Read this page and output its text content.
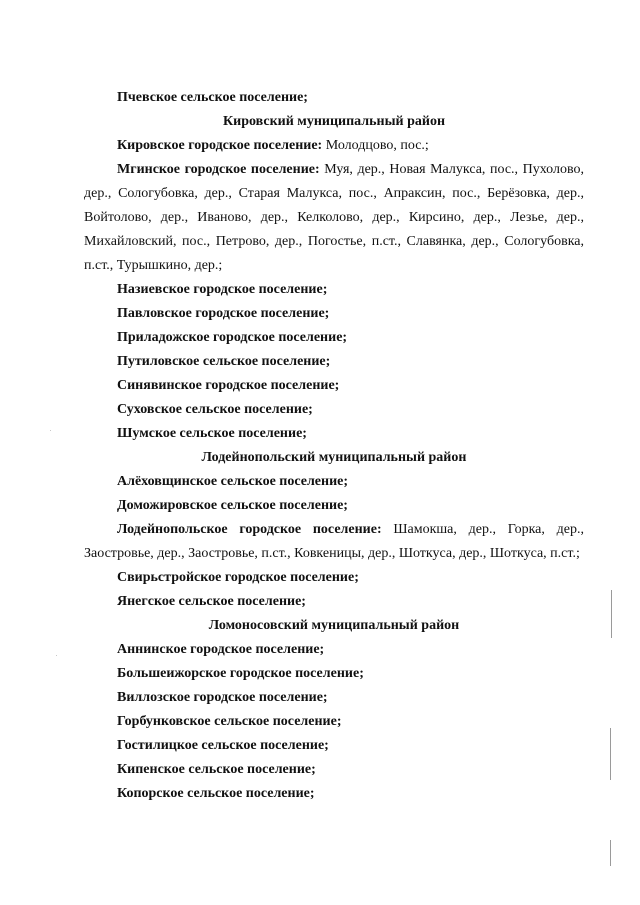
Пчевское сельское поселение;

Кировский муниципальный район

Кировское городское поселение: Молодцово, пос.;

Мгинское городское поселение: Муя, дер., Новая Малукса, пос., Пухолово, дер., Сологубовка, дер., Старая Малукса, пос., Апраксин, пос., Берёзовка, дер., Войтолово, дер., Иваново, дер., Келколово, дер., Кирсино, дер., Лезье, дер., Михайловский, пос., Петрово, дер., Погостье, п.ст., Славянка, дер., Сологубовка, п.ст., Турышкино, дер.;

Назиевское городское поселение;

Павловское городское поселение;

Приладожское городское поселение;

Путиловское сельское поселение;

Синявинское городское поселение;

Суховское сельское поселение;

Шумское сельское поселение;

Лодейнопольский муниципальный район

Алёховщинское сельское поселение;

Доможировское сельское поселение;

Лодейнопольское городское поселение: Шамокша, дер., Горка, дер., Заостровье, дер., Заостровье, п.ст., Ковкеницы, дер., Шоткуса, дер., Шоткуса, п.ст.;

Свирьстройское городское поселение;

Янегское сельское поселение;

Ломоносовский муниципальный район

Аннинское городское поселение;

Большеижорское городское поселение;

Виллозское городское поселение;

Горбунковское сельское поселение;

Гостилицкое сельское поселение;

Кипенское сельское поселение;

Копорское сельское поселение;
